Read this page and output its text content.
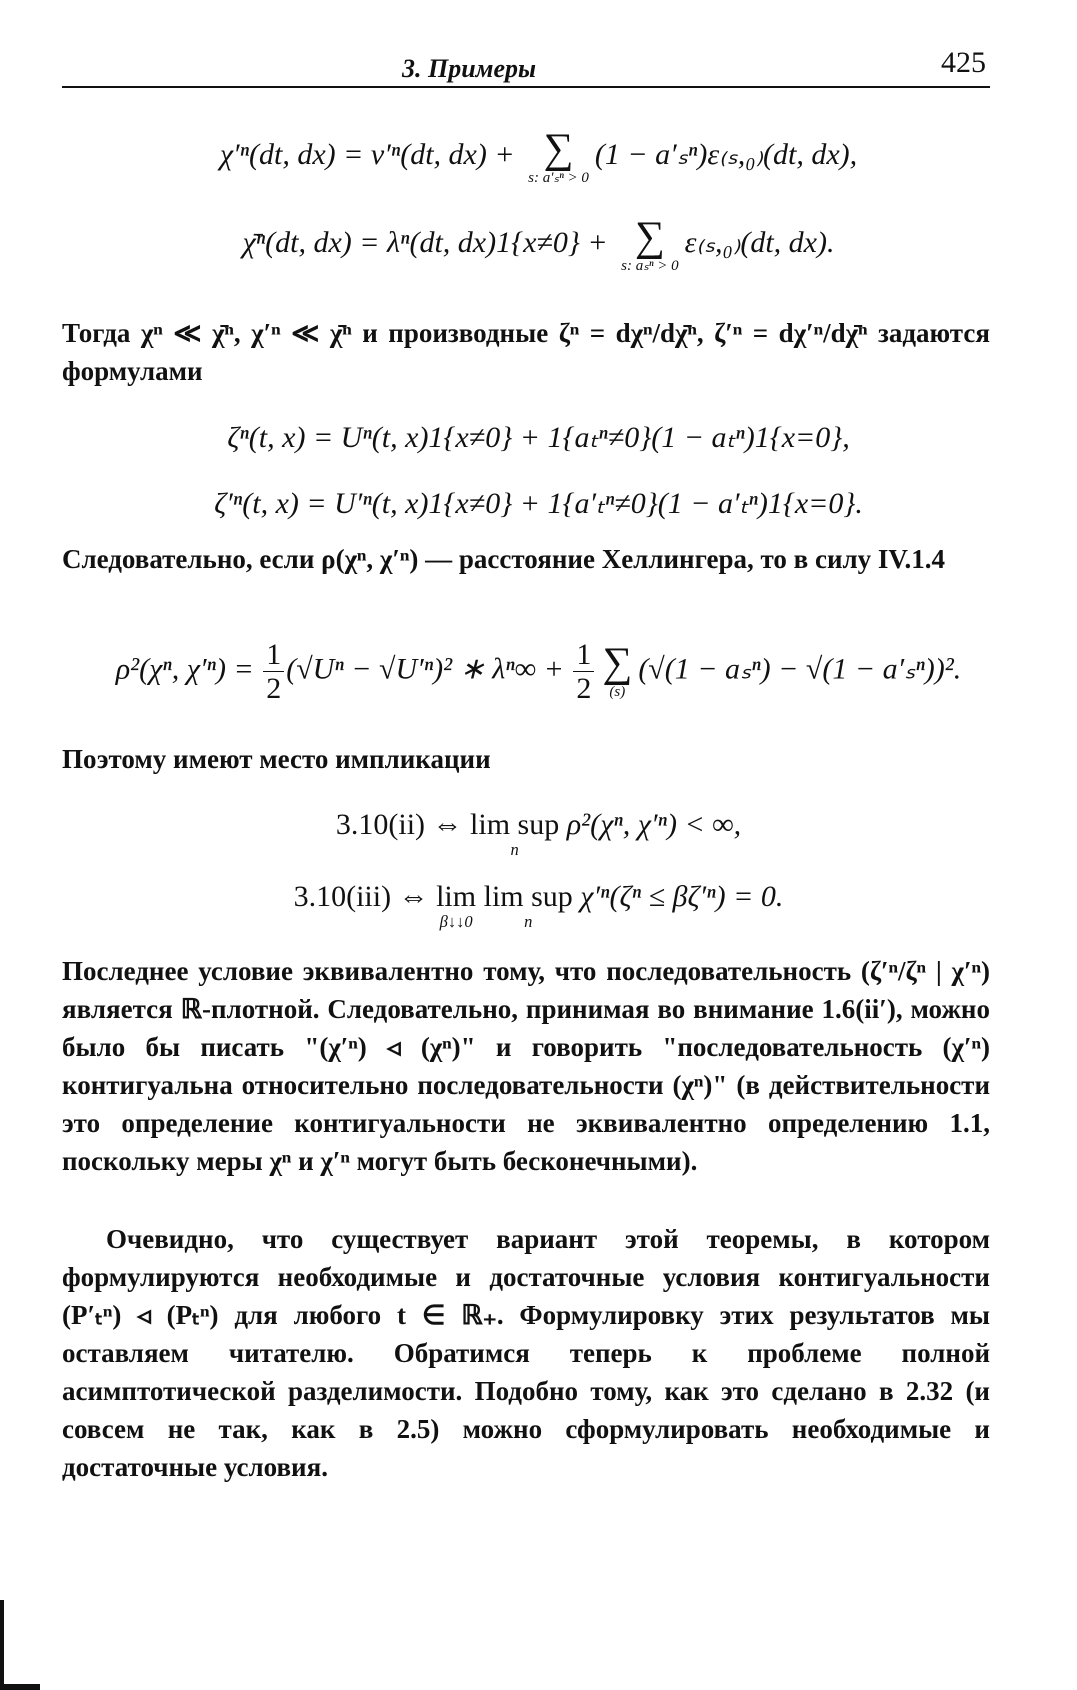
3. Примеры	425
χ′ⁿ(dt, dx) = ν′ⁿ(dt, dx) + ∑
s: a′ₛⁿ > 0
(1 − a′ₛⁿ)ε₍ₛ,₀₎(dt, dx),
χ̄ⁿ(dt, dx) = λⁿ(dt, dx)1{x≠0} + ∑
s: aₛⁿ > 0
ε₍ₛ,₀₎(dt, dx).
Тогда χⁿ ≪ χ̄ⁿ, χ′ⁿ ≪ χ̄ⁿ и производные ζⁿ = dχⁿ/dχ̄ⁿ, ζ′ⁿ = dχ′ⁿ/dχ̄ⁿ задаются формулами
ζⁿ(t, x) = Uⁿ(t, x)1{x≠0} + 1{aₜⁿ≠0}(1 − aₜⁿ)1{x=0},
ζ′ⁿ(t, x) = U′ⁿ(t, x)1{x≠0} + 1{a′ₜⁿ≠0}(1 − a′ₜⁿ)1{x=0}.
Следовательно, если ρ(χⁿ, χ′ⁿ) — расстояние Хеллингера, то в силу IV.1.4
ρ²(χⁿ, $\chi'^n) = \frac{1}{2} (√U^n - √U'^n)^2$ ∗ $\lambda^n\infty + \frac{1}{2}$ ∑
(s)
(√(1 − aₛⁿ) − √(1 − a′ₛⁿ))².
Поэтому имеют место импликации
3.10(ii) ⇔ lim sup
n
ρ²(χⁿ, χ′ⁿ) < ∞,
3.10(iii) ⇔ lim
β↓↓0
lim sup
n
χ′ⁿ(ζⁿ ≤ βζ′ⁿ) = 0.
Последнее условие эквивалентно тому, что последовательность (ζ′ⁿ/ζⁿ | χ′ⁿ) является ℝ-плотной. Следовательно, принимая во внимание 1.6(ii′), можно было бы писать "(χ′ⁿ) ◃ (χⁿ)" и говорить "последовательность (χ′ⁿ) контигуальна относительно последовательности (χⁿ)" (в действительности это определение контигуальности не эквивалентно определению 1.1, поскольку меры χⁿ и χ′ⁿ могут быть бесконечными).
Очевидно, что существует вариант этой теоремы, в котором формулируются необходимые и достаточные условия контигуальности (P′ₜⁿ) ◃ (Pₜⁿ) для любого t ∈ ℝ₊. Формулировку этих результатов мы оставляем читателю. Обратимся теперь к проблеме полной асимптотической разделимости. Подобно тому, как это сделано в 2.32 (и совсем не так, как в 2.5) можно сформулировать необходимые и достаточные условия.
